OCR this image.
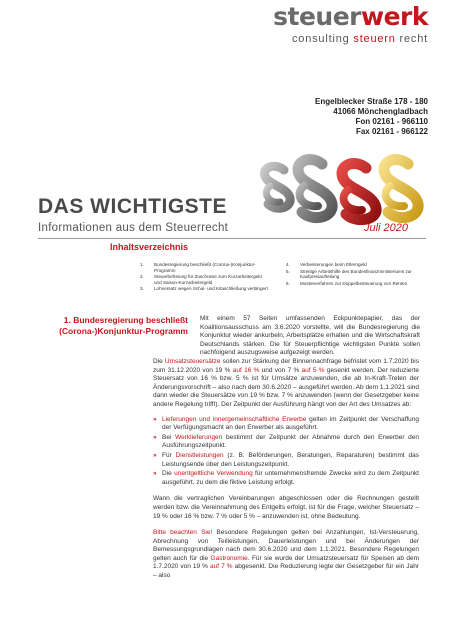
steuerwerk
consulting steuern recht
Engelblecker Straße 178 - 180
41066 Mönchengladbach
Fon 02161 - 966110
Fax 02161 - 966122
DAS WICHTIGSTE
Informationen aus dem Steuerrecht	Juli 2020
Inhaltsverzeichnis
1.	Bundesregierung beschließt (Corona-)Konjunktur-Programm
2.	Steuerbefreiung für Zuschüsse zum Kurzarbeitergeld und Saison-Kurzarbeitergeld
3.	Lohnersatz wegen Schul- und Kitaschließung verlängert
4.	Verbesserungen beim Elterngeld
5.	Streitige Arbeitshilfe des Bundesfinanzministeriums zur Kaufpreisaufteilung
6.	Musterverfahren zur Doppelbesteuerung von Renten
1. Bundesregierung beschließt
(Corona-)Konjunktur-Programm

Mit einem 57 Seiten umfassenden Eckpunktepapier, das der Koalitionsausschuss am 3.6.2020 vorstellte, will die Bundesregierung die Konjunktur wieder ankurbeln, Arbeitsplätze erhalten und die Wirtschaftskraft Deutschlands stärken. Die für Steuerpflichtige wichtigsten Punkte sollen nachfolgend auszugsweise aufgezeigt werden.

Die Umsatzsteuersätze sollen zur Stärkung der Binnennachfrage befristet vom 1.7.2020 bis zum 31.12.2020 von 19 % auf 16 % und von 7 % auf 5 % gesenkt werden. Der reduzierte Steuersatz von 16 % bzw. 5 % ist für Umsätze anzuwenden, die ab In-Kraft-Treten der Änderungsvorschrift – also nach dem 30.6.2020 – ausgeführt werden. Ab dem 1.1.2021 sind dann wieder die Steuersätze von 19 % bzw. 7 % anzuwenden (wenn der Gesetzgeber keine andere Regelung trifft). Der Zeitpunkt der Ausführung hängt von der Art des Umsatzes ab:

» Lieferungen und innergemeinschaftliche Erwerbe gelten im Zeitpunkt der Verschaffung der Verfügungsmacht an den Erwerber als ausgeführt.
» Bei Werklieferungen bestimmt der Zeitpunkt der Abnahme durch den Erwerber den Ausführungszeitpunkt.
» Für Dienstleistungen (z. B. Beförderungen, Beratungen, Reparaturen) bestimmt das Leistungsende über den Leistungszeitpunkt.
» Die unentgeltliche Verwendung für unternehmensfremde Zwecke wird zu dem Zeitpunkt ausgeführt, zu dem die fiktive Leistung erfolgt.

Wann die vertraglichen Vereinbarungen abgeschlossen oder die Rechnungen gestellt werden bzw. die Vereinnahmung des Entgelts erfolgt, ist für die Frage, welcher Steuersatz – 19 % oder 16 % bzw. 7 % oder 5 % – anzuwenden ist, ohne Bedeutung.

Bitte beachten Sie! Besondere Regelungen gelten bei Anzahlungen, Ist-Versteuerung, Abrechnung von Teilleistungen, Dauerleistungen und bei Änderungen der Bemessungsgrundlagen nach dem 30.6.2020 und dem 1.1.2021. Besondere Regelungen gelten auch für die Gastronomie. Für sie wurde der Umsatzsteuersatz für Speisen ab dem 1.7.2020 von 19 % auf 7 % abgesenkt. Die Reduzierung legte der Gesetzgeber für ein Jahr – also
